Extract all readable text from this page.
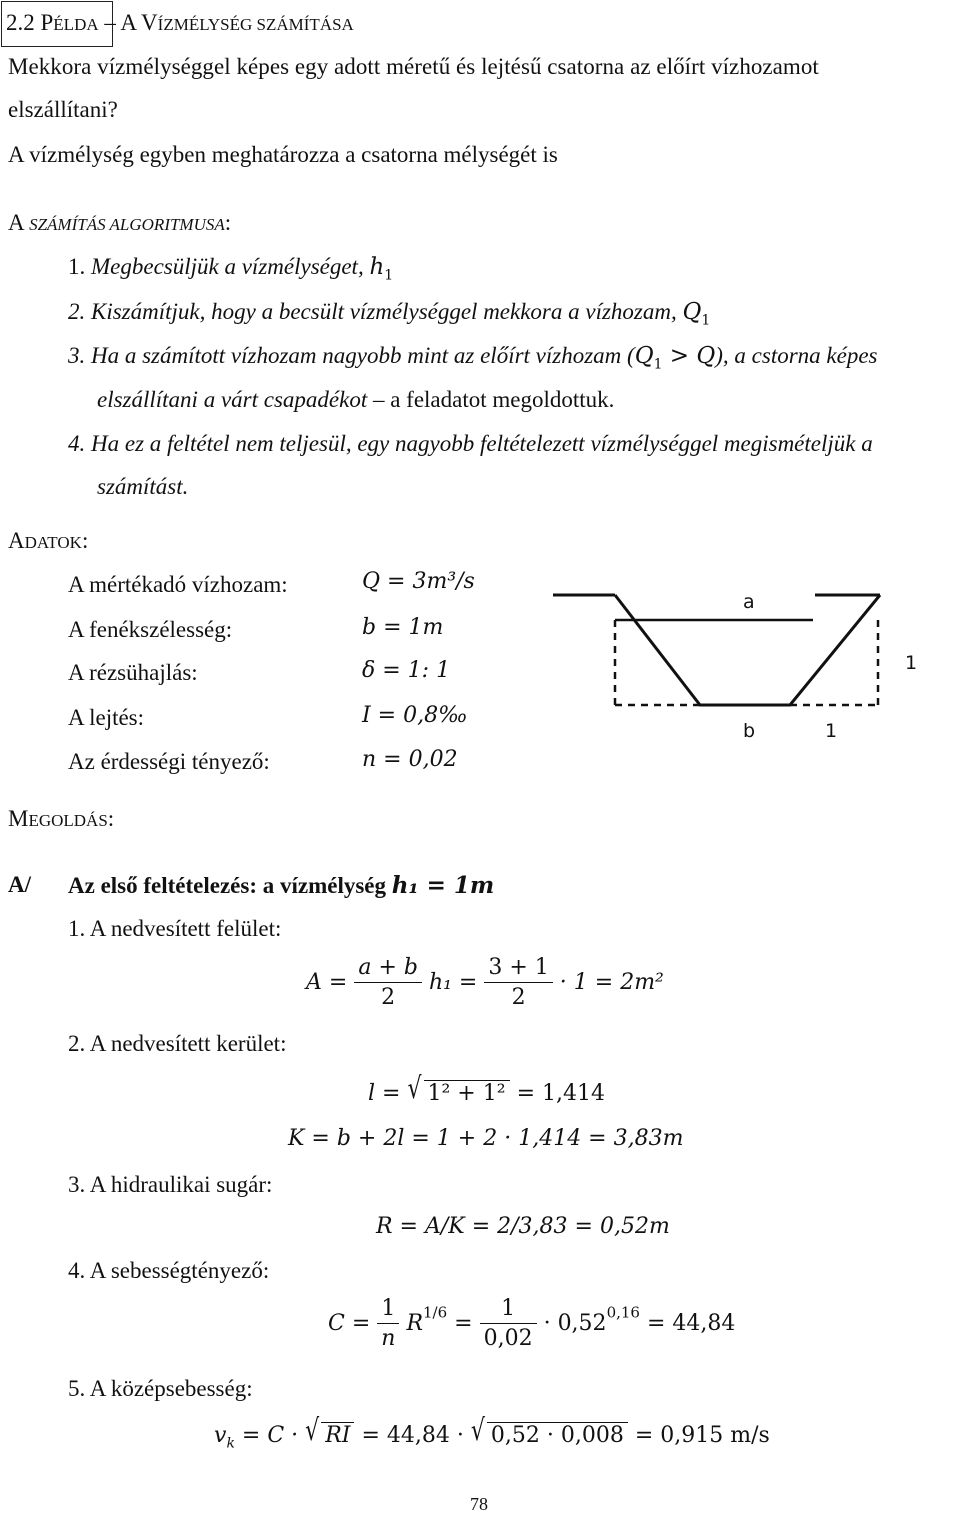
2.2 PÉLDA – A VÍZMÉLYSÉG SZÁMÍTÁSA
Mekkora vízmélységgel képes egy adott méretű és lejtésű csatorna az előírt vízhozamot
elszállítani?
A vízmélység egyben meghatározza a csatorna mélységét is
A SZÁMÍTÁS ALGORITMUSA:
1. Megbecsüljük a vízmélységet, $h_1$
2. Kiszámítjuk, hogy a becsült vízmélységgel mekkora a vízhozam, $Q_1$
3. Ha a számított vízhozam nagyobb mint az előírt vízhozam $(Q_1 > Q)$, a cstorna képes
elszállítani a várt csapadékot – a feladatot megoldottuk.
4. Ha ez a feltétel nem teljesül, egy nagyobb feltételezett vízmélységgel megismételjük a
számítást.
ADATOK:
A mértékadó vízhozam:
A fenékszélesség:
A rézsühajlás:
A lejtés:
Az érdességi tényező:
Q = 3m³/s
b = 1m
δ = 1: 1
I = 0,8‰
n = 0,02
a
b
1
1
MEGOLDÁS:
A/ Az első feltételezés: a vízmélység h₁ = 1m
1. A nedvesített felület:
2. A nedvesített kerület:
3. A hidraulikai sugár:
4. A sebességtényező:
5. A középsebesség:
$A = \frac{a + b}{2} h_1 = \frac{3 + 1}{2} \cdot 1 = 2m^2$
l = √ 1² + 1² = 1,414
K = b + 2l = 1 + 2 · 1,414 = 3,83m
R = A/K = 2/3,83 = 0,52m
$C = \frac{1}{n} R^{1/6} = \frac{1}{0,02} \cdot 0,52^{0,16} = 44,84$
$v_k = C$ · √ RI = 44,84 · √ 0,52 · 0,008 = 0,915 m/s
78
